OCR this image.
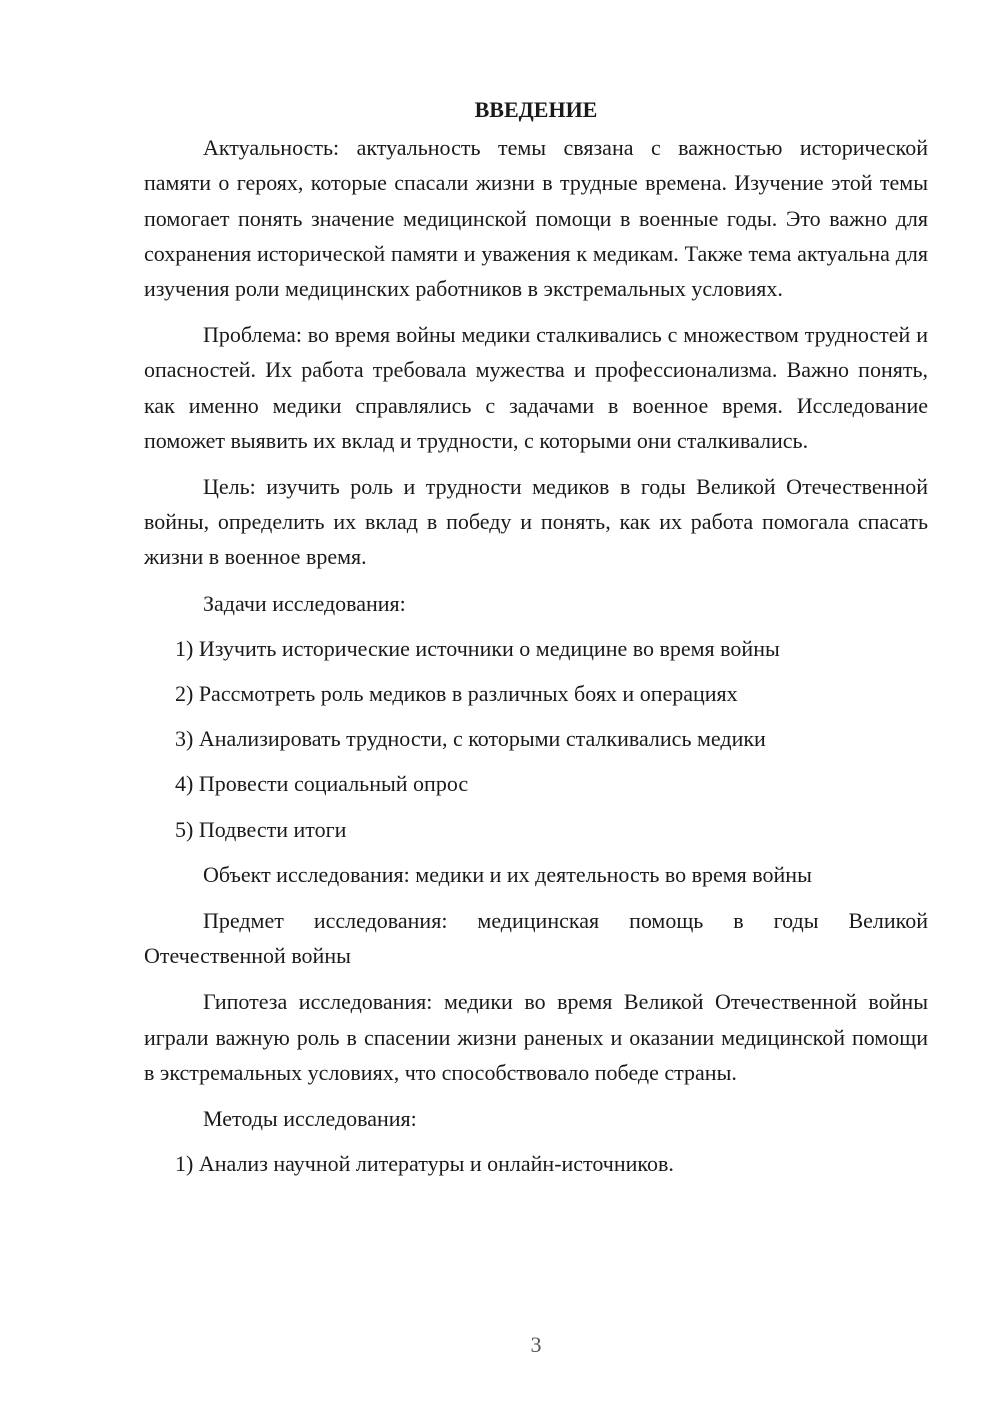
ВВЕДЕНИЕ
Актуальность: актуальность темы связана с важностью исторической памяти о героях, которые спасали жизни в трудные времена. Изучение этой темы помогает понять значение медицинской помощи в военные годы. Это важно для сохранения исторической памяти и уважения к медикам. Также тема актуальна для изучения роли медицинских работников в экстремальных условиях.
Проблема: во время войны медики сталкивались с множеством трудностей и опасностей. Их работа требовала мужества и профессионализма. Важно понять, как именно медики справлялись с задачами в военное время. Исследование поможет выявить их вклад и трудности, с которыми они сталкивались.
Цель: изучить роль и трудности медиков в годы Великой Отечественной войны, определить их вклад в победу и понять, как их работа помогала спасать жизни в военное время.
Задачи исследования:
1) Изучить исторические источники о медицине во время войны
2) Рассмотреть роль медиков в различных боях и операциях
3) Анализировать трудности, с которыми сталкивались медики
4) Провести социальный опрос
5) Подвести итоги
Объект исследования: медики и их деятельность во время войны
Предмет исследования: медицинская помощь в годы Великой Отечественной войны
Гипотеза исследования: медики во время Великой Отечественной войны играли важную роль в спасении жизни раненых и оказании медицинской помощи в экстремальных условиях, что способствовало победе страны.
Методы исследования:
1) Анализ научной литературы и онлайн-источников.
3
